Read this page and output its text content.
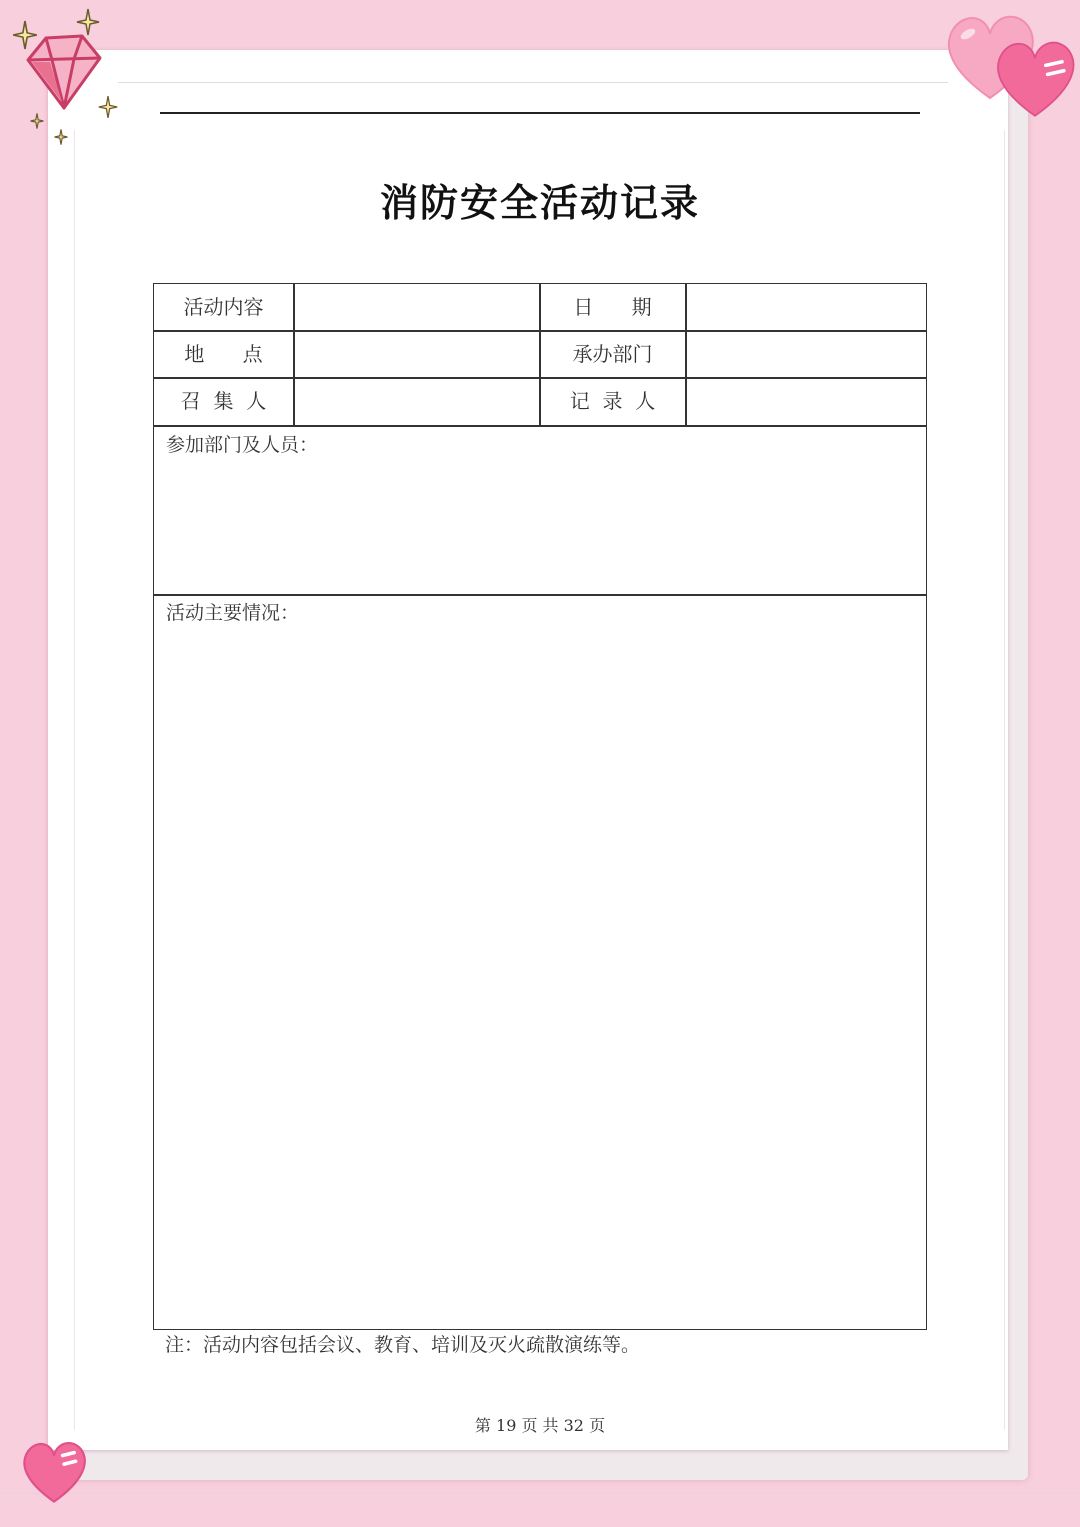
消防安全活动记录
活动内容	日      期
地      点	承办部门
召  集  人	记  录  人
参加部门及人员：
活动主要情况：
注：活动内容包括会议、教育、培训及灭火疏散演练等。
第 19 页 共 32 页
